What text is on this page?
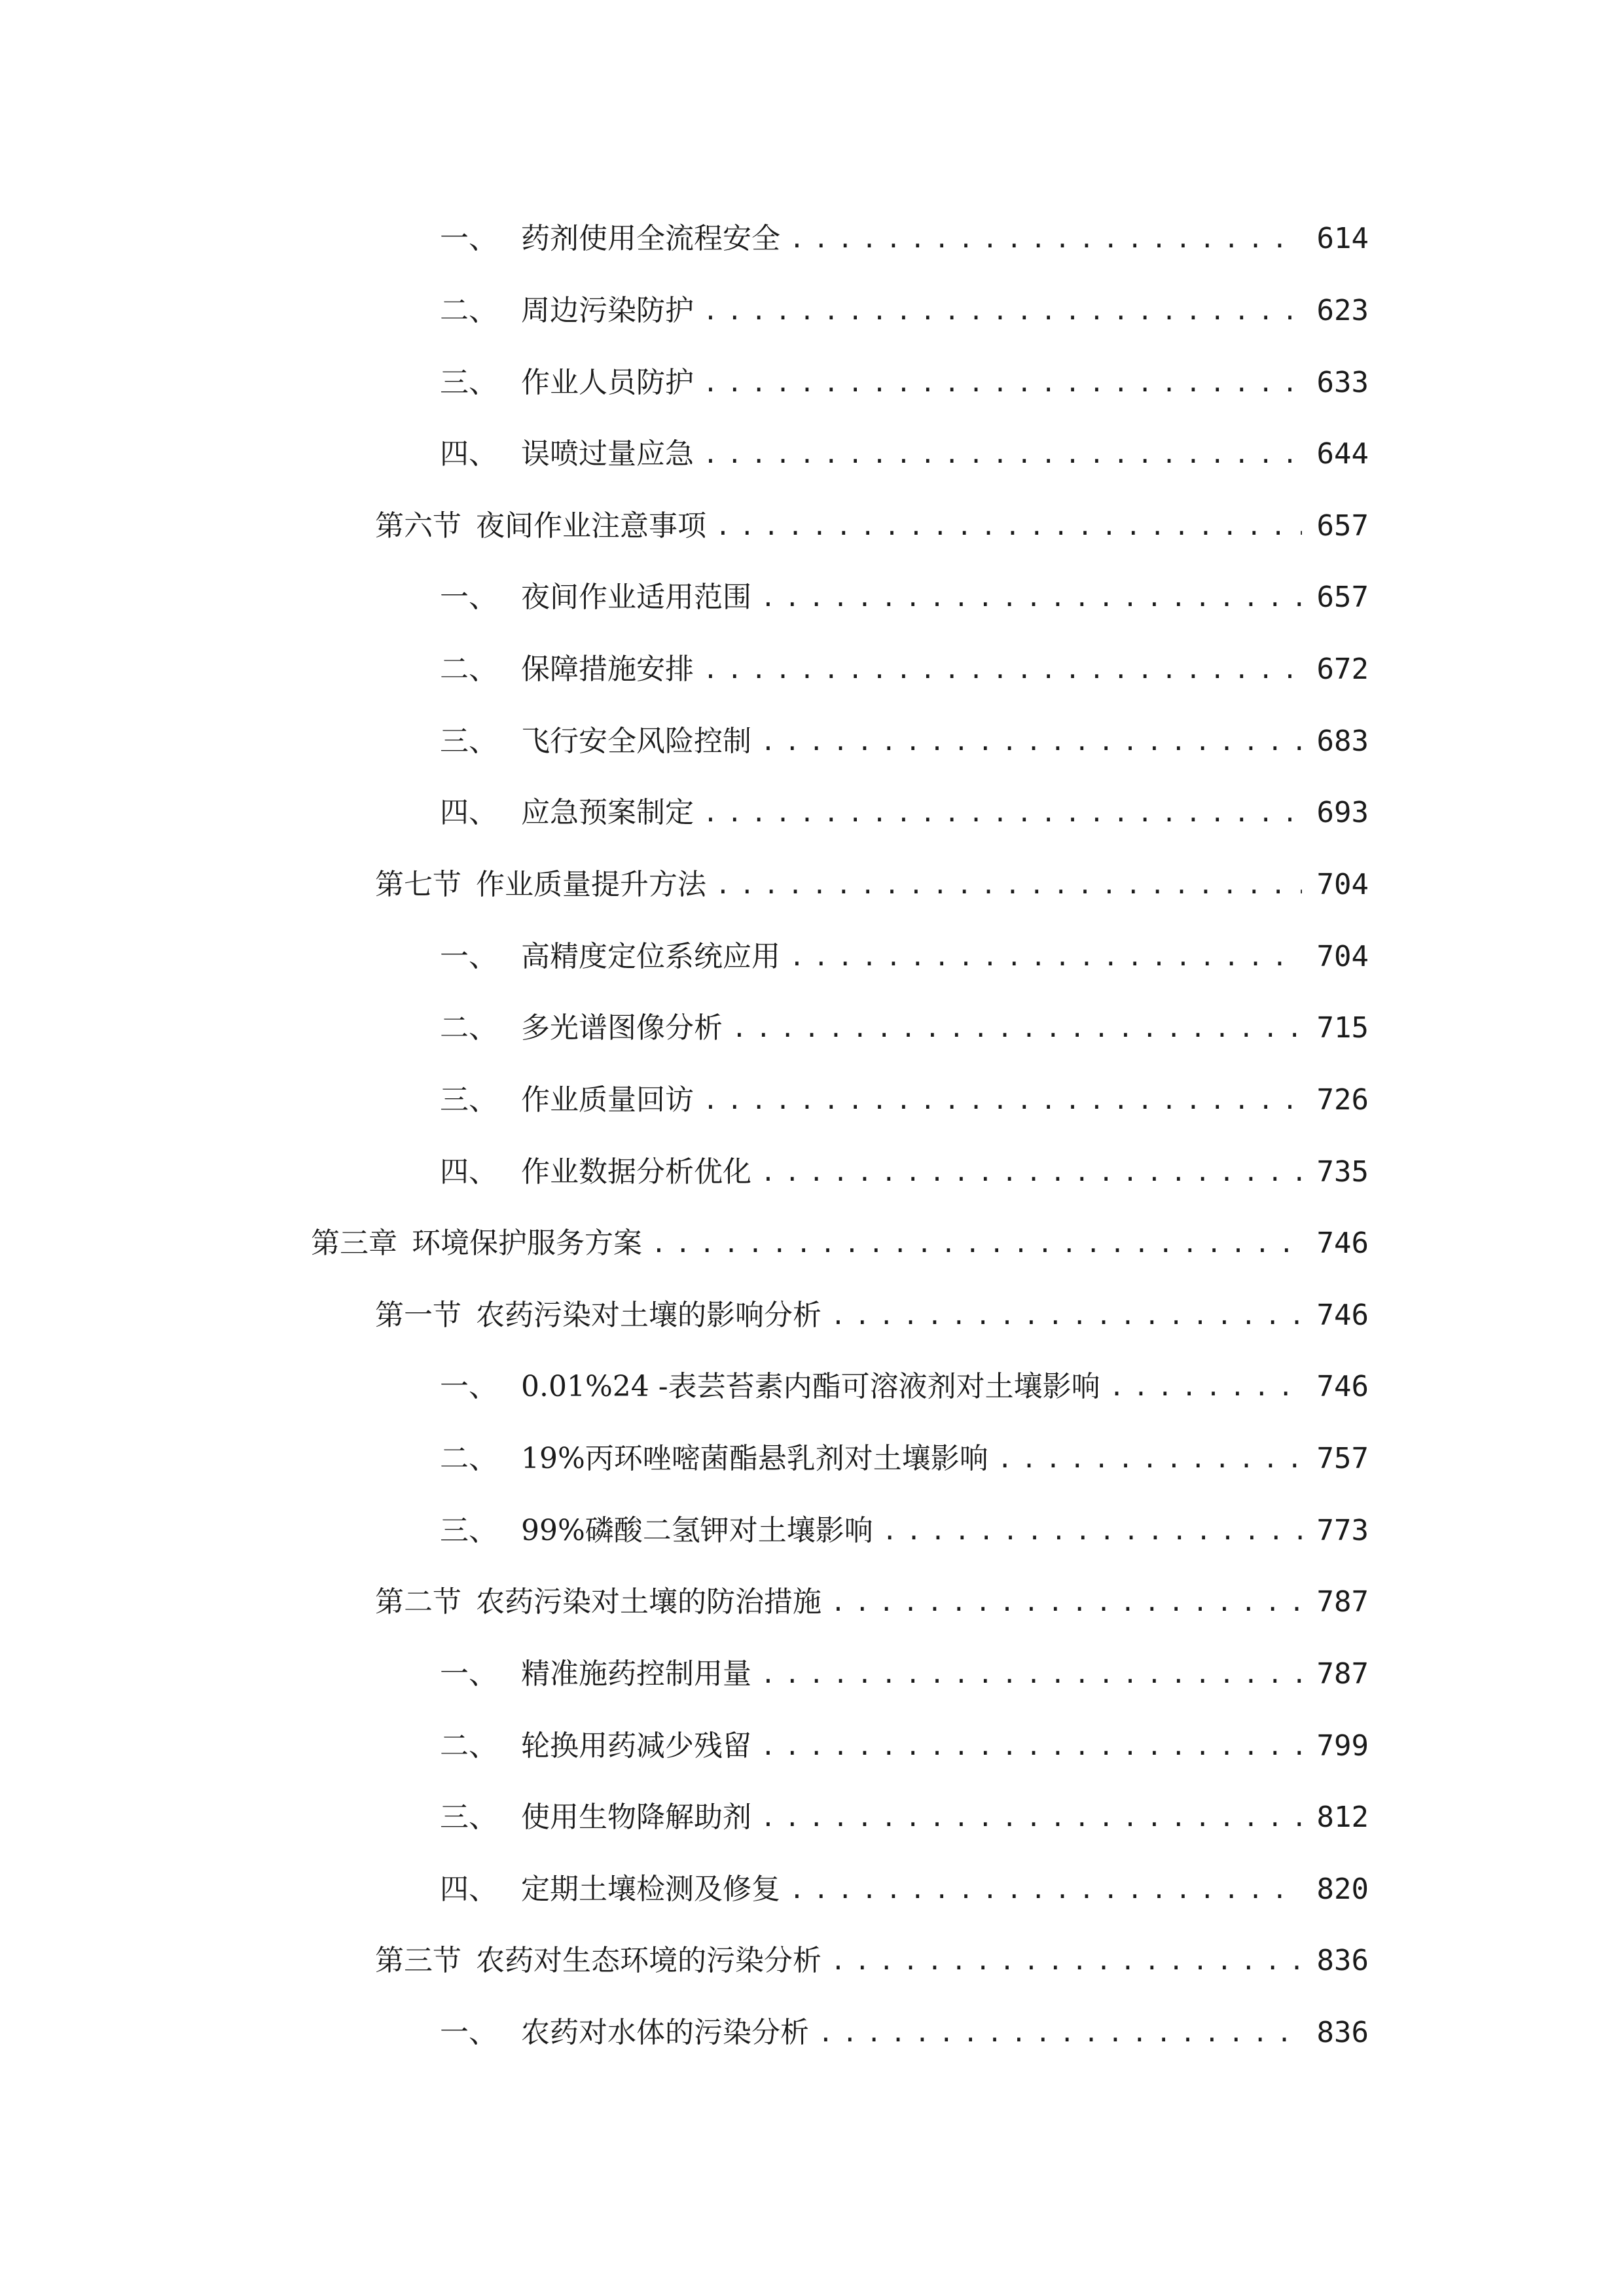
一、 药剂使用全流程安全 .....	614
二、 周边污染防护 .....	623
三、 作业人员防护 .....	633
四、 误喷过量应急 .....	644
第六节 夜间作业注意事项 .....	657
一、 夜间作业适用范围 .....	657
二、 保障措施安排 .....	672
三、 飞行安全风险控制 .....	683
四、 应急预案制定 .....	693
第七节 作业质量提升方法 .....	704
一、 高精度定位系统应用 .....	704
二、 多光谱图像分析 .....	715
三、 作业质量回访 .....	726
四、 作业数据分析优化 .....	735
第三章 环境保护服务方案 .....	746
第一节 农药污染对土壤的影响分析 .....	746
一、 0.01%24 -表芸苔素内酯可溶液剂对土壤影响 .....	746
二、 19%丙环唑嘧菌酯悬乳剂对土壤影响 .....	757
三、 99%磷酸二氢钾对土壤影响 .....	773
第二节 农药污染对土壤的防治措施 .....	787
一、 精准施药控制用量 .....	787
二、 轮换用药减少残留 .....	799
三、 使用生物降解助剂 .....	812
四、 定期土壤检测及修复 .....	820
第三节 农药对生态环境的污染分析 .....	836
一、 农药对水体的污染分析 .....	836
